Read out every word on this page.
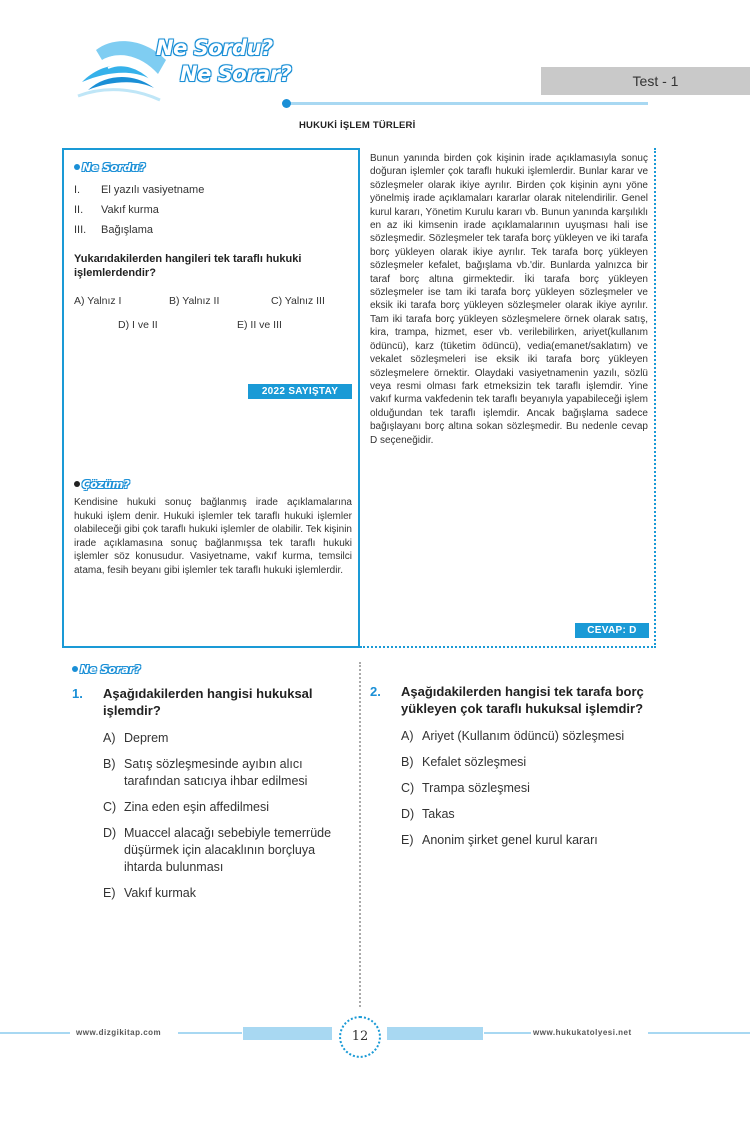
Ne Sordu?
Ne Sorar?	Test - 1
HUKUKİ İŞLEM TÜRLERİ
Ne Sordu?
I. El yazılı vasiyetname
II. Vakıf kurma
III. Bağışlama
Yukarıdakilerden hangileri tek taraflı hukuki işlemlerdendir?
A) Yalnız I	B) Yalnız II	C) Yalnız III
D) I ve II	E) II ve III
2022 SAYIŞTAY
Çözüm?
Kendisine hukuki sonuç bağlanmış irade açıklamalarına hukuki işlem denir. Hukuki işlemler tek taraflı hukuki işlemler olabileceği gibi çok taraflı hukuki işlemler de olabilir. Tek kişinin irade açıklamasına sonuç bağlanmışsa tek taraflı hukuki işlemler söz konusudur. Vasiyetname, vakıf kurma, temsilci atama, fesih beyanı gibi işlemler tek taraflı hukuki işlemlerdir.
Bunun yanında birden çok kişinin irade açıklamasıyla sonuç doğuran işlemler çok taraflı hukuki işlemlerdir. Bunlar karar ve sözleşmeler olarak ikiye ayrılır. Birden çok kişinin aynı yöne yönelmiş irade açıklamaları kararlar olarak nitelendirilir. Genel kurul kararı, Yönetim Kurulu kararı vb. Bunun yanında karşılıklı en az iki kimsenin irade açıklamalarının uyuşması hali ise sözleşmedir. Sözleşmeler tek tarafa borç yükleyen ve iki tarafa borç yükleyen olarak ikiye ayrılır. Tek tarafa borç yükleyen sözleşmeler kefalet, bağışlama vb.'dir. Bunlarda yalnızca bir taraf borç altına girmektedir. İki tarafa borç yükleyen sözleşmeler ise tam iki tarafa borç yükleyen sözleşmeler ve eksik iki tarafa borç yükleyen sözleşmeler olarak ikiye ayrılır. Tam iki tarafa borç yükleyen sözleşmelere örnek olarak satış, kira, trampa, hizmet, eser vb. verilebilirken, ariyet(kullanım ödüncü), karz (tüketim ödüncü), vedia(emanet/saklatım) ve vekalet sözleşmeleri ise eksik iki tarafa borç yükleyen sözleşmelere örnektir. Olaydaki vasiyetnamenin yazılı, sözlü veya resmi olması fark etmeksizin tek taraflı işlemdir. Yine vakıf kurma vakfedenin tek taraflı beyanıyla yapabileceği işlem olduğundan tek taraflı işlemdir. Ancak bağışlama sadece bağışlayanı borç altına sokan sözleşmedir. Bu nedenle cevap D seçeneğidir.
CEVAP: D
Ne Sorar?
1. Aşağıdakilerden hangisi hukuksal işlemdir?
A) Deprem
B) Satış sözleşmesinde ayıbın alıcı tarafından satıcıya ihbar edilmesi
C) Zina eden eşin affedilmesi
D) Muaccel alacağı sebebiyle temerrüde düşürmek için alacaklının borçluya ihtarda bulunması
E) Vakıf kurmak
2. Aşağıdakilerden hangisi tek tarafa borç yükleyen çok taraflı hukuksal işlemdir?
A) Ariyet (Kullanım ödüncü) sözleşmesi
B) Kefalet sözleşmesi
C) Trampa sözleşmesi
D) Takas
E) Anonim şirket genel kurul kararı
www.dizgikitap.com	www.hukukatolyesi.net
12
